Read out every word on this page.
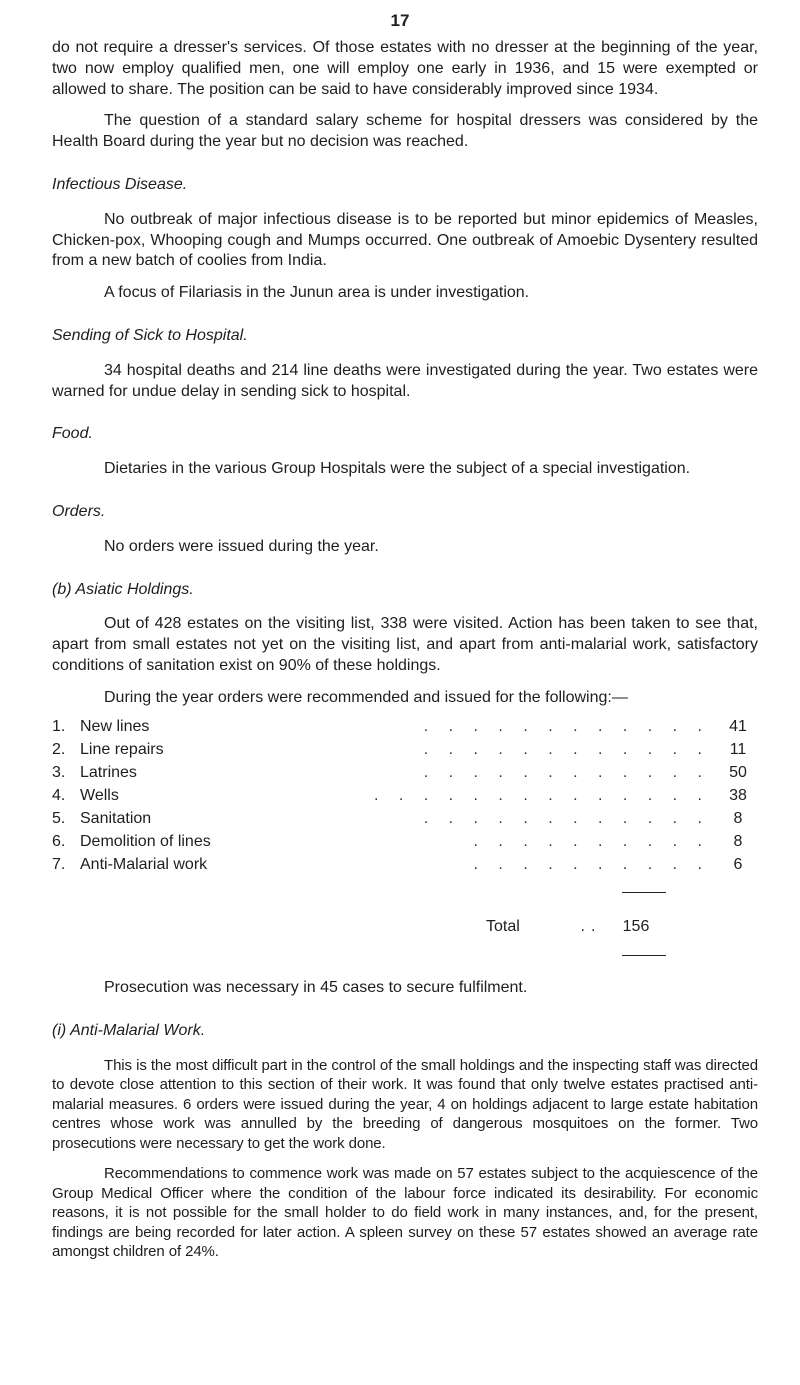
17

do not require a dresser's services. Of those estates with no dresser at the beginning of the year, two now employ qualified men, one will employ one early in 1936, and 15 were exempted or allowed to share. The position can be said to have considerably improved since 1934.

The question of a standard salary scheme for hospital dressers was considered by the Health Board during the year but no decision was reached.

Infectious Disease.

No outbreak of major infectious disease is to be reported but minor epidemics of Measles, Chicken-pox, Whooping cough and Mumps occurred. One outbreak of Amoebic Dysentery resulted from a new batch of coolies from India.

A focus of Filariasis in the Junun area is under investigation.

Sending of Sick to Hospital.

34 hospital deaths and 214 line deaths were investigated during the year. Two estates were warned for undue delay in sending sick to hospital.

Food.

Dietaries in the various Group Hospitals were the subject of a special investigation.

Orders.

No orders were issued during the year.

(b) Asiatic Holdings.

Out of 428 estates on the visiting list, 338 were visited. Action has been taken to see that, apart from small estates not yet on the visiting list, and apart from anti-malarial work, satisfactory conditions of sanitation exist on 90% of these holdings.

During the year orders were recommended and issued for the following:—

1. New lines	. . . . . . . . . . . .	41
2. Line repairs	. . . . . . . . . . . .	11
3. Latrines	. . . . . . . . . . . .	50
4. Wells	. . . . . . . . . . . . . .	38
5. Sanitation	. . . . . . . . . . . .	8
6. Demolition of lines	. . . . . . . . . .	8
7. Anti-Malarial work	. . . . . . . . . .	6
Total	..	156

Prosecution was necessary in 45 cases to secure fulfilment.

(i) Anti-Malarial Work.

This is the most difficult part in the control of the small holdings and the inspecting staff was directed to devote close attention to this section of their work. It was found that only twelve estates practised anti-malarial measures. 6 orders were issued during the year, 4 on holdings adjacent to large estate habitation centres whose work was annulled by the breeding of dangerous mosquitoes on the former. Two prosecutions were necessary to get the work done.

Recommendations to commence work was made on 57 estates subject to the acquiescence of the Group Medical Officer where the condition of the labour force indicated its desirability. For economic reasons, it is not possible for the small holder to do field work in many instances, and, for the present, findings are being recorded for later action. A spleen survey on these 57 estates showed an average rate amongst children of 24%.
